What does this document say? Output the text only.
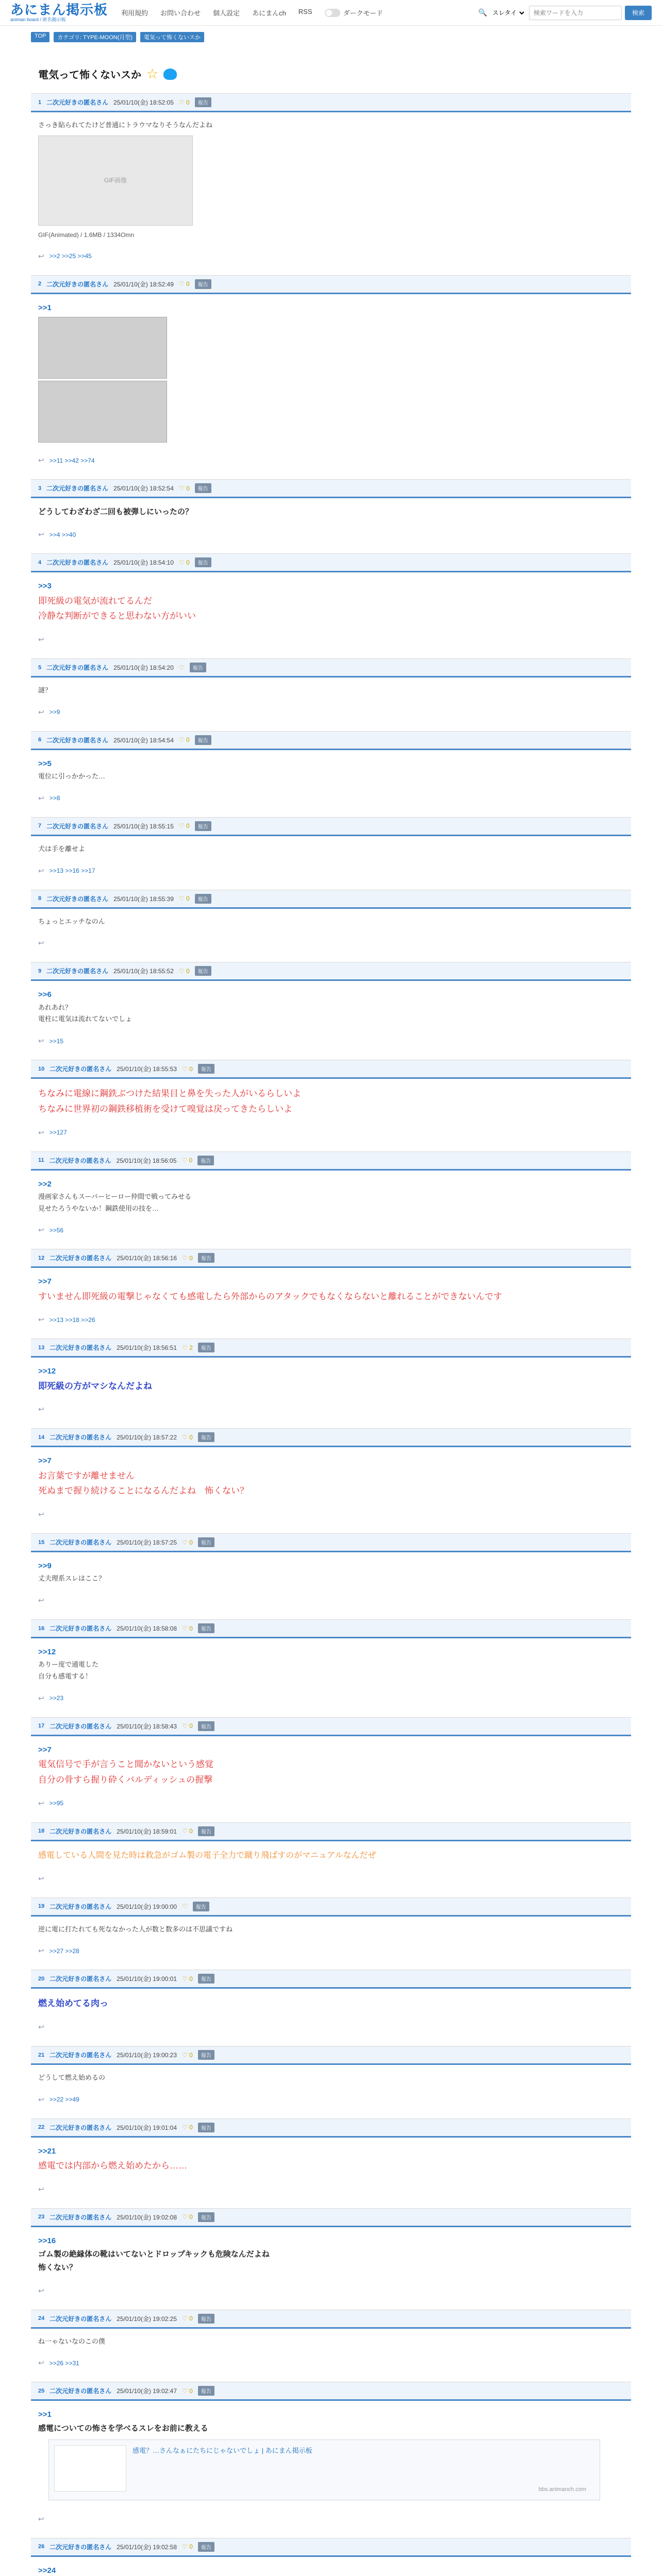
あにまん掲示板
animan board / 匿名掲示板
利用規約 お問い合わせ 個人設定 あにまんch RSS	ダークモード	🔍
スレタイ
検索ワードを入力	検索
TOP	カテゴリ: TYPE-MOON(月型)	電気って怖くないスか
電気って怖くないスか ☆
1 二次元好きの匿名さん 25/01/10(金) 18:52:05 ♡ 0	報告
さっき貼られてたけど普通にトラウマなりそうなんだよね
GIF画像
GIF(Animated) / 1.6MB / 1334Omn
↩ >>2 >>25 >>45
2 二次元好きの匿名さん 25/01/10(金) 18:52:49 ♡ 0	報告
>>1
↩ >>11 >>42 >>74
3 二次元好きの匿名さん 25/01/10(金) 18:52:54 ♡ 0	報告
どうしてわざわざ二回も被弾しにいったの？
↩ >>4 >>40
4 二次元好きの匿名さん 25/01/10(金) 18:54:10 ♡ 0	報告
>>3
即死級の電気が流れてるんだ
冷静な判断ができると思わない方がいい
↩
5 二次元好きの匿名さん 25/01/10(金) 18:54:20 ♡	報告
謎？
↩ >>9
6 二次元好きの匿名さん 25/01/10(金) 18:54:54 ♡ 0	報告
>>5
電位に引っかかった…
↩ >>8
7 二次元好きの匿名さん 25/01/10(金) 18:55:15 ♡ 0	報告
犬は手を離せよ
↩ >>13 >>16 >>17
8 二次元好きの匿名さん 25/01/10(金) 18:55:39 ♡ 0	報告
ちょっとエッチなのん
↩
9 二次元好きの匿名さん 25/01/10(金) 18:55:52 ♡ 0	報告
>>6
あれあれ？
電柱に電気は流れてないでしょ
↩ >>15
10 二次元好きの匿名さん 25/01/10(金) 18:55:53 ♡ 0	報告
ちなみに電線に鋼鉄ぶつけた結果目と鼻を失った人がいるらしいよ
ちなみに世界初の鋼鉄移植術を受けて嗅覚は戻ってきたらしいよ
↩ >>127
11 二次元好きの匿名さん 25/01/10(金) 18:56:05 ♡ 0	報告
>>2
漫画家さんもスーパーヒーロー仲間で戦ってみせる
見せたろうやないか！鋼鉄使用の技を…
↩ >>56
12 二次元好きの匿名さん 25/01/10(金) 18:56:16 ♡ 0	報告
>>7
すいません即死級の電撃じゃなくても感電したら外部からのアタックでもなくならないと離れることができないんです
↩ >>13 >>18 >>26
13 二次元好きの匿名さん 25/01/10(金) 18:56:51 ♡ 2	報告
>>12
即死級の方がマシなんだよね
↩
14 二次元好きの匿名さん 25/01/10(金) 18:57:22 ♡ 0	報告
>>7
お言葉ですが離せません
死ぬまで握り続けることになるんだよね　怖くない？
↩
15 二次元好きの匿名さん 25/01/10(金) 18:57:25 ♡ 0	報告
>>9
丈夫理系スレはここ？
↩
16 二次元好きの匿名さん 25/01/10(金) 18:58:08 ♡ 0	報告
>>12
ありー度で通電した
自分も感電する！
↩ >>23
17 二次元好きの匿名さん 25/01/10(金) 18:58:43 ♡ 0	報告
>>7
電気信号で手が言うこと聞かないという感覚
自分の骨すら握り砕くバルディッシュの握撃
↩ >>95
18 二次元好きの匿名さん 25/01/10(金) 18:59:01 ♡ 0	報告
感電している人間を見た時は救急がゴム製の電子全力で蹴り飛ばすのがマニュアルなんだぜ
↩
19 二次元好きの匿名さん 25/01/10(金) 19:00:00 ♡	報告
逆に電に打たれても死ななかった人が数と数多のは不思議ですね
↩ >>27 >>28
20 二次元好きの匿名さん 25/01/10(金) 19:00:01 ♡ 0	報告
燃え始めてる肉っ
↩
21 二次元好きの匿名さん 25/01/10(金) 19:00:23 ♡ 0	報告
どうして燃え始めるの
↩ >>22 >>49
22 二次元好きの匿名さん 25/01/10(金) 19:01:04 ♡ 0	報告
>>21
感電では内部から燃え始めたから……
↩
23 二次元好きの匿名さん 25/01/10(金) 19:02:08 ♡ 0	報告
>>16
ゴム製の絶縁体の靴はいてないとドロップキックも危険なんだよね
怖くない？
↩
24 二次元好きの匿名さん 25/01/10(金) 19:02:25 ♡ 0	報告
ね一ゃないなのこの僕
↩ >>26 >>31
25 二次元好きの匿名さん 25/01/10(金) 19:02:47 ♡ 0	報告
>>1
感電についての怖さを学べるスレをお前に教える
感電？…さんなぁにたちにじゃないでしょ | あにまん掲示板
bbs.animanch.com
↩
26 二次元好きの匿名さん 25/01/10(金) 19:02:58 ♡ 0	報告
>>24
